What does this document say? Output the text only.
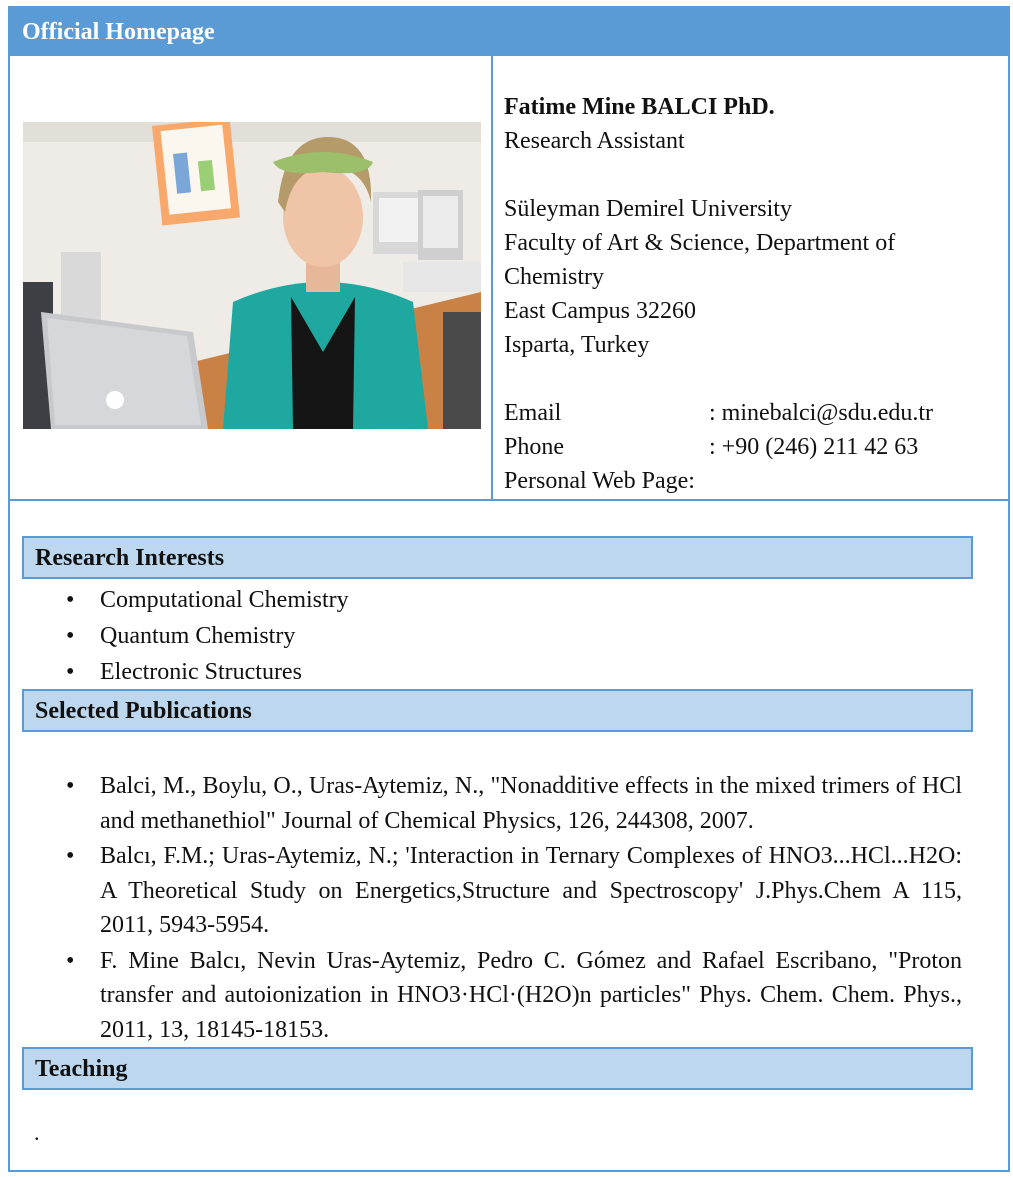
Official Homepage
Fatime Mine BALCI PhD.
Research Assistant
Süleyman Demirel University
Faculty of Art & Science, Department of
Chemistry
East Campus 32260
Isparta, Turkey
Email	: minebalci@sdu.edu.tr
Phone	: +90 (246) 211 42 63
Personal Web Page:
Research Interests
• Computational Chemistry
• Quantum Chemistry
• Electronic Structures
Selected Publications
• Balci, M., Boylu, O., Uras-Aytemiz, N., "Nonadditive effects in the mixed trimers of HCl and methanethiol" Journal of Chemical Physics, 126, 244308, 2007.
• Balcı, F.M.; Uras-Aytemiz, N.; 'Interaction in Ternary Complexes of HNO3...HCl...H2O: A Theoretical Study on Energetics,Structure and Spectroscopy' J.Phys.Chem A 115, 2011, 5943-5954.
• F. Mine Balcı, Nevin Uras-Aytemiz, Pedro C. Gómez and Rafael Escribano, "Proton transfer and autoionization in HNO3·HCl·(H2O)n particles" Phys. Chem. Chem. Phys., 2011, 13, 18145-18153.
Teaching
.
